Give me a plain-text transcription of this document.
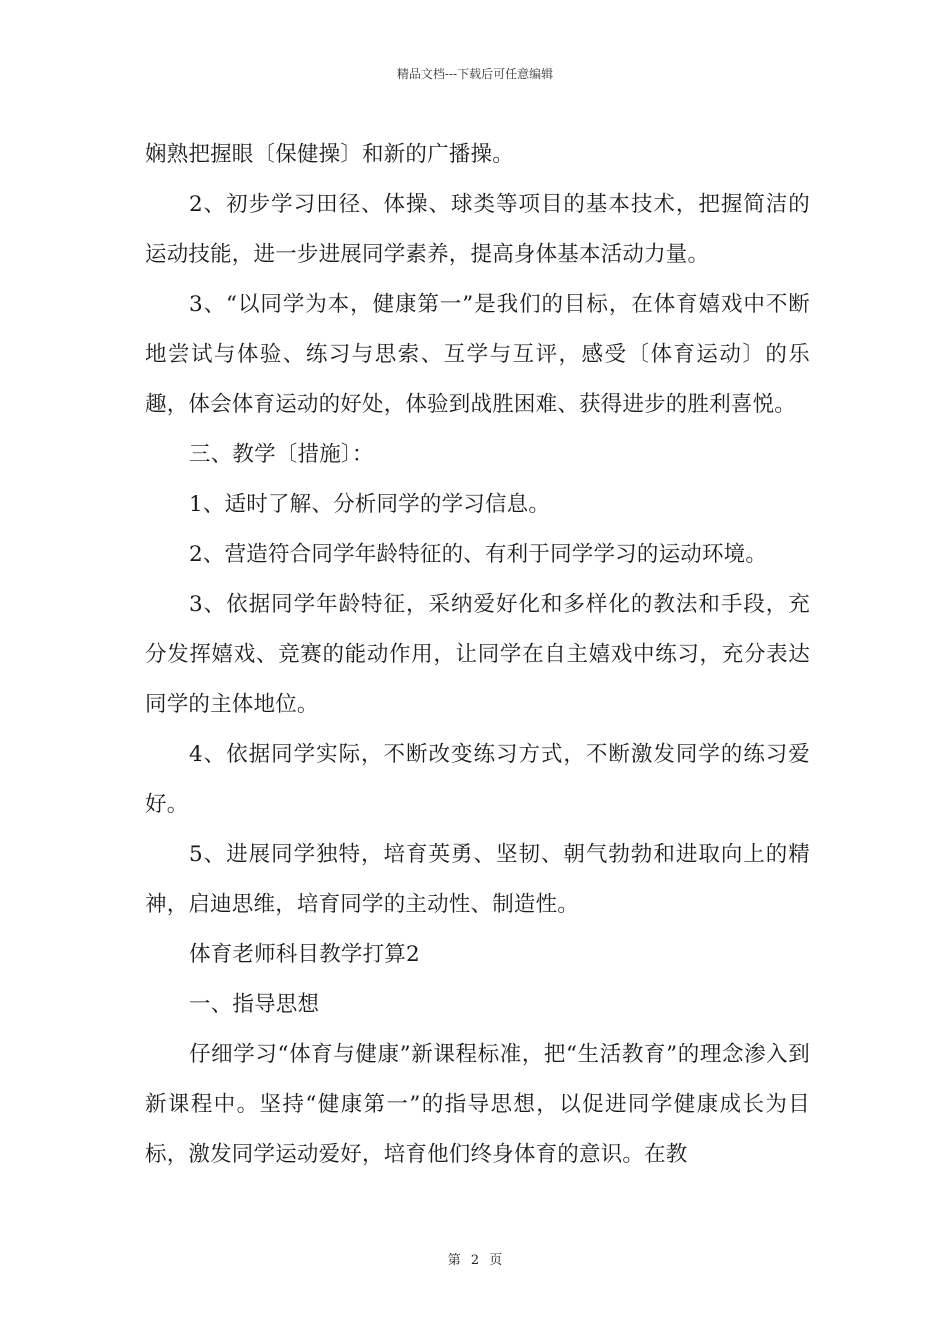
精品文档---下载后可任意编辑

娴熟把握眼〔保健操〕和新的广播操。

2、初步学习田径、体操、球类等项目的基本技术，把握简洁的运动技能，进一步进展同学素养，提高身体基本活动力量。

3、“以同学为本，健康第一”是我们的目标，在体育嬉戏中不断地尝试与体验、练习与思索、互学与互评，感受〔体育运动〕的乐趣，体会体育运动的好处，体验到战胜困难、获得进步的胜利喜悦。

三、教学〔措施〕：

1、适时了解、分析同学的学习信息。

2、营造符合同学年龄特征的、有利于同学学习的运动环境。

3、依据同学年龄特征，采纳爱好化和多样化的教法和手段，充分发挥嬉戏、竞赛的能动作用，让同学在自主嬉戏中练习，充分表达同学的主体地位。

4、依据同学实际，不断改变练习方式，不断激发同学的练习爱好。

5、进展同学独特，培育英勇、坚韧、朝气勃勃和进取向上的精神，启迪思维，培育同学的主动性、制造性。

体育老师科目教学打算2

一、指导思想

仔细学习“体育与健康”新课程标准，把“生活教育”的理念渗入到新课程中。坚持“健康第一”的指导思想，以促进同学健康成长为目标，激发同学运动爱好，培育他们终身体育的意识。在教

第 2 页
